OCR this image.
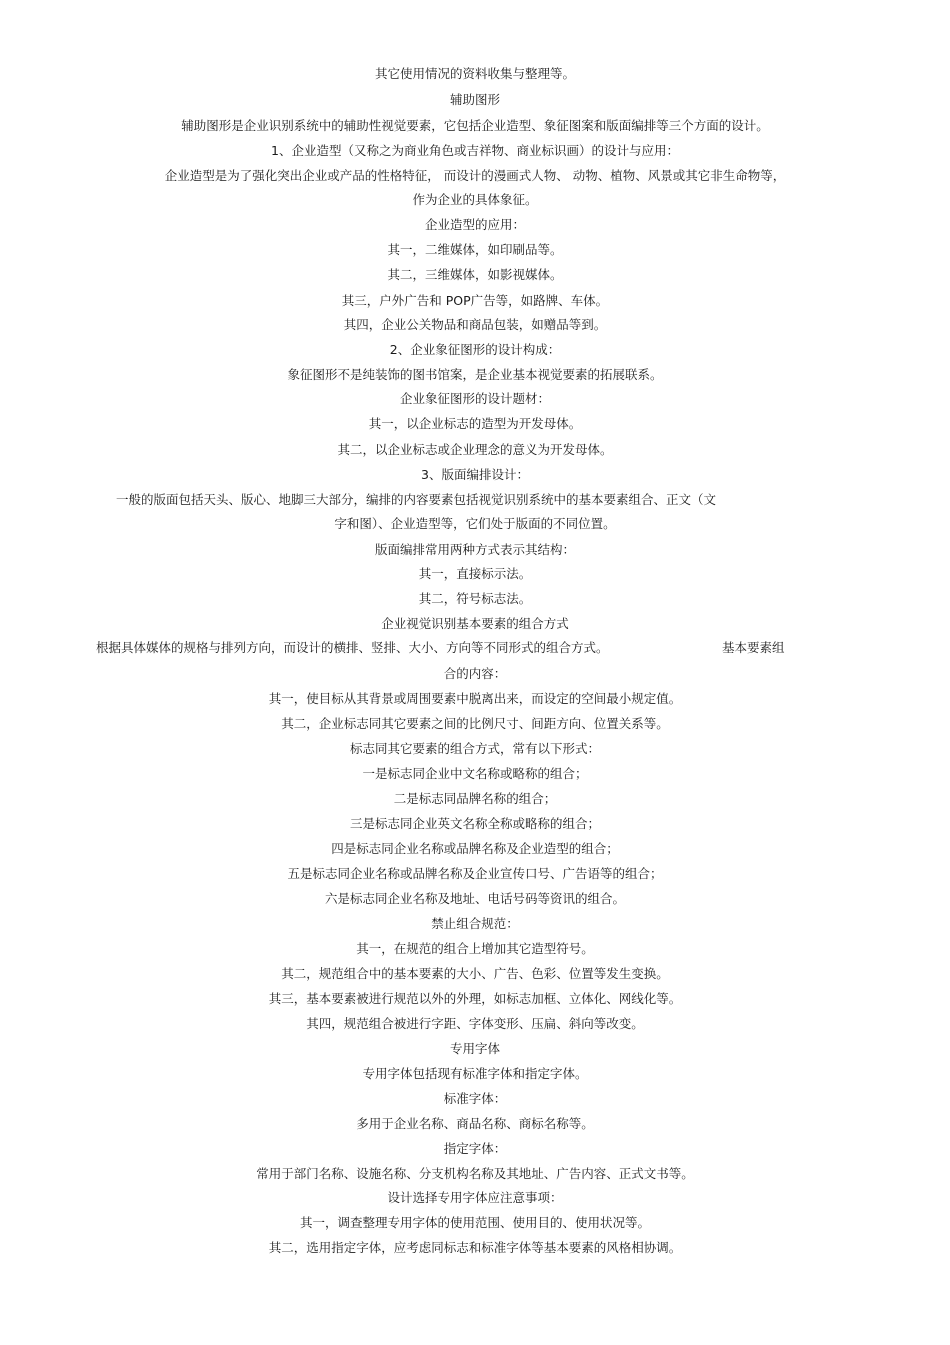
其它使用情况的资料收集与整理等。
辅助图形
辅助图形是企业识别系统中的辅助性视觉要素，它包括企业造型、象征图案和版面编排等三个方面的设计。
1、企业造型（又称之为商业角色或吉祥物、商业标识画）的设计与应用：
企业造型是为了强化突出企业或产品的性格特征， 而设计的漫画式人物、 动物、植物、风景或其它非生命物等，
作为企业的具体象征。
企业造型的应用：
其一，二维媒体，如印刷品等。
其二，三维媒体，如影视媒体。
其三，户外广告和 POP广告等，如路牌、车体。
其四，企业公关物品和商品包装，如赠品等到。
2、企业象征图形的设计构成：
象征图形不是纯装饰的图书馆案，是企业基本视觉要素的拓展联系。
企业象征图形的设计题材：
其一，以企业标志的造型为开发母体。
其二，以企业标志或企业理念的意义为开发母体。
3、版面编排设计：
一般的版面包括天头、版心、地脚三大部分，编排的内容要素包括视觉识别系统中的基本要素组合、正文（文
字和图）、企业造型等，它们处于版面的不同位置。
版面编排常用两种方式表示其结构：
其一，直接标示法。
其二，符号标志法。
企业视觉识别基本要素的组合方式
根据具体媒体的规格与排列方向，而设计的横排、竖排、大小、方向等不同形式的组合方式。	基本要素组
合的内容：
其一，使目标从其背景或周围要素中脱离出来，而设定的空间最小规定值。
其二，企业标志同其它要素之间的比例尺寸、间距方向、位置关系等。
标志同其它要素的组合方式，常有以下形式：
一是标志同企业中文名称或略称的组合；
二是标志同品牌名称的组合；
三是标志同企业英文名称全称或略称的组合；
四是标志同企业名称或品牌名称及企业造型的组合；
五是标志同企业名称或品牌名称及企业宣传口号、广告语等的组合；
六是标志同企业名称及地址、电话号码等资讯的组合。
禁止组合规范：
其一，在规范的组合上增加其它造型符号。
其二，规范组合中的基本要素的大小、广告、色彩、位置等发生变换。
其三，基本要素被进行规范以外的外理，如标志加框、立体化、网线化等。
其四，规范组合被进行字距、字体变形、压扁、斜向等改变。
专用字体
专用字体包括现有标准字体和指定字体。
标准字体：
多用于企业名称、商品名称、商标名称等。
指定字体：
常用于部门名称、设施名称、分支机构名称及其地址、广告内容、正式文书等。
设计选择专用字体应注意事项：
其一，调查整理专用字体的使用范围、使用目的、使用状况等。
其二，选用指定字体，应考虑同标志和标准字体等基本要素的风格相协调。
